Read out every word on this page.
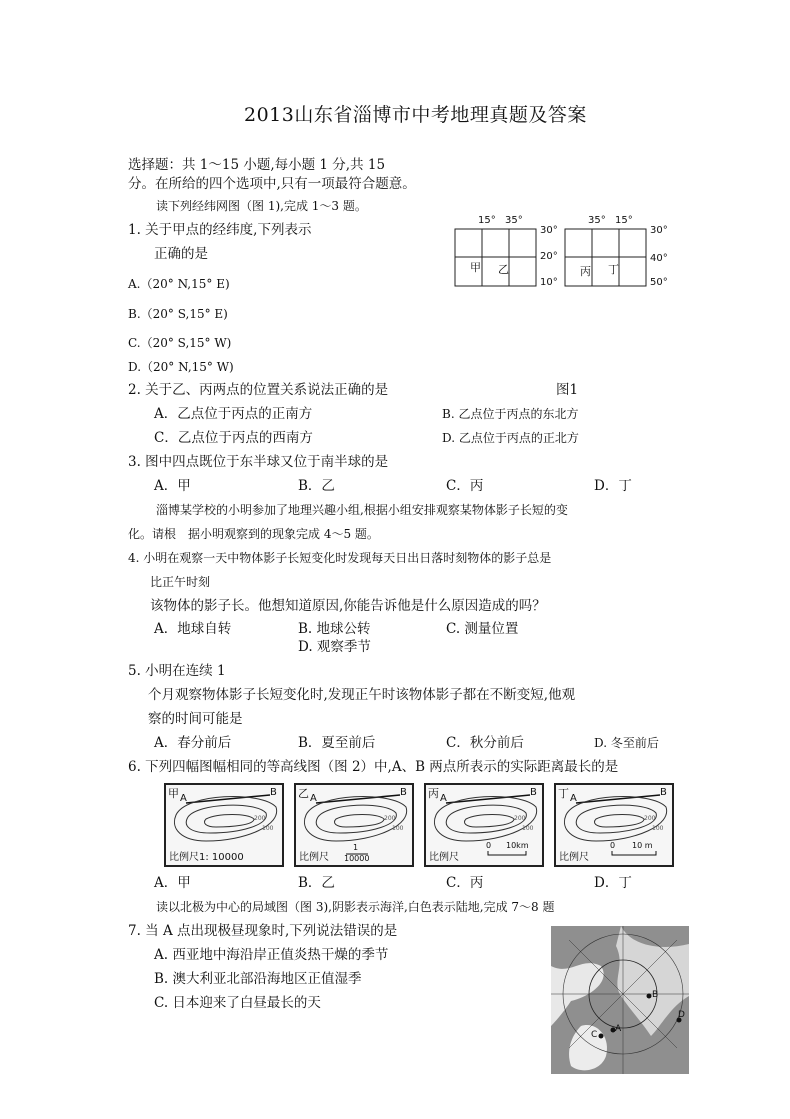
2013山东省淄博市中考地理真题及答案
选择题：共 1～15 小题,每小题 1 分,共 15
分。在所给的四个选项中,只有一项最符合题意。
读下列经纬网图（图 1),完成 1～3 题。
1. 关于甲点的经纬度,下列表示
正确的是
A.（20° N,15° E)
B.（20° S,15° E)
C.（20° S,15° W)
D.（20° N,15° W)
15° 35°
甲 乙
30°
20°
10°
35° 15°
丙 丁
30°
40°
50°
2. 关于乙、丙两点的位置关系说法正确的是	图1
A．乙点位于丙点的正南方	B. 乙点位于丙点的东北方
C．乙点位于丙点的西南方	D. 乙点位于丙点的正北方
3. 图中四点既位于东半球又位于南半球的是
A．甲	B．乙	C．丙	D．丁
淄博某学校的小明参加了地理兴趣小组,根据小组安排观察某物体影子长短的变
化。请根　据小明观察到的现象完成 4～5 题。
4. 小明在观察一天中物体影子长短变化时发现每天日出日落时刻物体的影子总是
比正午时刻
该物体的影子长。他想知道原因,你能告诉他是什么原因造成的吗？
A．地球自转	B. 地球公转	C. 测量位置
D. 观察季节
5. 小明在连续 1
个月观察物体影子长短变化时,发现正午时该物体影子都在不断变短,他观
察的时间可能是
A．春分前后	B．夏至前后	C．秋分前后	D. 冬至前后
6. 下列四幅图幅相同的等高线图（图 2）中,A、B 两点所表示的实际距离最长的是
甲 A
B
200
100
比例尺1: 10000
乙 A
B
200
100
比例尺
1
10000
丙 A
B
200
100
比例尺
0 10km
丁 A
B
200
100
比例尺
0 10 m
A．甲	B．乙	C．丙	D．丁
读以北极为中心的局域图（图 3),阴影表示海洋,白色表示陆地,完成 7～8 题
7. 当 A 点出现极昼现象时,下列说法错误的是
A. 西亚地中海沿岸正值炎热干燥的季节
B. 澳大利亚北部沿海地区正值湿季
C. 日本迎来了白昼最长的天
A
B
C
D
